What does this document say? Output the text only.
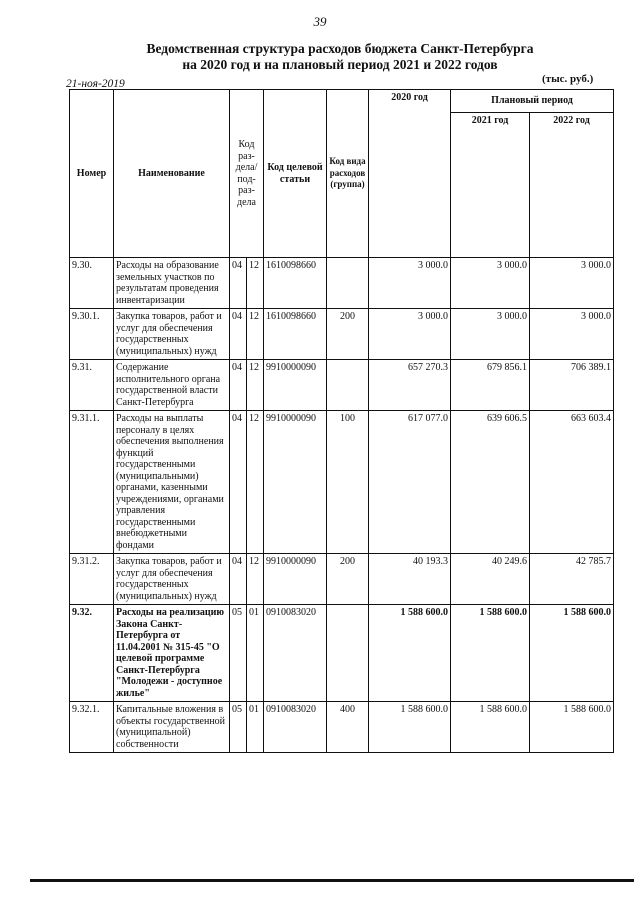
39
Ведомственная структура расходов бюджета Санкт-Петербурга
на 2020 год и на плановый период 2021 и 2022 годов
21-ноя-2019	(тыс. руб.)
Номер	Наименование	Код раз- дела/ под- раз- дела		Код целевой статьи	Код вида расходов (группа)	2020 год	Плановый период	
							2021 год	2022 год
9.30.	Расходы на образование земельных участков по результатам проведения инвентаризации	04	12	1610098660		3 000.0	3 000.0	3 000.0
9.30.1.	Закупка товаров, работ и услуг для обеспечения государственных (муниципальных) нужд	04	12	1610098660	200	3 000.0	3 000.0	3 000.0
9.31.	Содержание исполнительного органа государственной власти Санкт-Петербурга	04	12	9910000090		657 270.3	679 856.1	706 389.1
9.31.1.	Расходы на выплаты персоналу в целях обеспечения выполнения функций государственными (муниципальными) органами, казенными учреждениями, органами управления государственными внебюджетными фондами	04	12	9910000090	100	617 077.0	639 606.5	663 603.4
9.31.2.	Закупка товаров, работ и услуг для обеспечения государственных (муниципальных) нужд	04	12	9910000090	200	40 193.3	40 249.6	42 785.7
9.32.	Расходы на реализацию Закона Санкт-Петербурга от 11.04.2001 № 315-45 "О целевой программе Санкт-Петербурга "Молодежи - доступное жилье"	05	01	0910083020		1 588 600.0	1 588 600.0	1 588 600.0
9.32.1.	Капитальные вложения в объекты государственной (муниципальной) собственности	05	01	0910083020	400	1 588 600.0	1 588 600.0	1 588 600.0
